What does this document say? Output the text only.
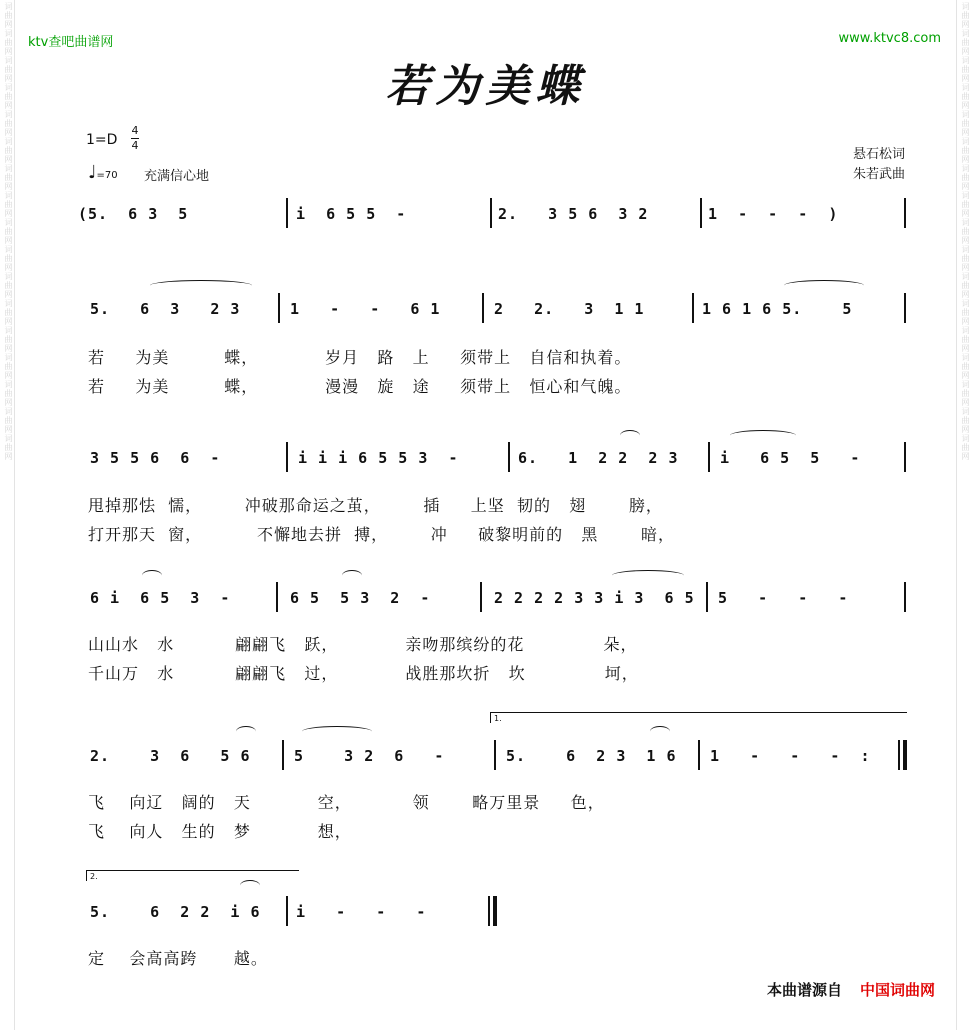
词曲网词曲网词曲网词曲网词曲网词曲网词曲网词曲网词曲网词曲网词曲网词曲网词曲网词曲网词曲网词曲网词曲网	词曲网词曲网词曲网词曲网词曲网词曲网词曲网词曲网词曲网词曲网词曲网词曲网词曲网词曲网词曲网词曲网词曲网
ktv查吧曲谱网	www.ktvc8.com
若为美蝶
1=D
4
4
♩=70 充满信心地
悬石松词
朱若武曲
(5.  6 3  5	i  6 5 5  -	2.   3 5 6  3 2	1  -  -  -  )
5.   6  3   2 3	1   -   -   6 1	2   2.   3  1 1	1 6 1 6 5.    5
若     为美         蝶，           岁月   路   上     须带上   自信和执着。
若     为美         蝶，           漫漫   旋   途     须带上   恒心和气魄。
3 5 5 6  6  -	i i i 6 5 5 3  -	6.   1  2 2  2 3	i   6 5  5   -
甩掉那怯  懦，       冲破那命运之茧，       插     上坚  韧的   翅       膀，
打开那天  窗，         不懈地去拼  搏，       冲     破黎明前的   黑       暗，
6 i  6 5  3  -	6 5  5 3  2  -	2 2 2 2 3 3 i 3  6 5 5   -   -   -
山山水   水          翩翩飞   跃，           亲吻那缤纷的花             朵，
千山万   水          翩翩飞   过，           战胜那坎折   坎             坷，
1.
2.    3  6   5 6	5    3 2  6   -	5.    6  2 3  1 6 1   -   -   -  :
飞    向辽   阔的   天           空，          领       略万里景     色，
飞    向人   生的   梦           想，
2.
5.    6  2 2  i 6 i   -   -   -
定    会高高跨      越。
本曲谱源自 中国词曲网
